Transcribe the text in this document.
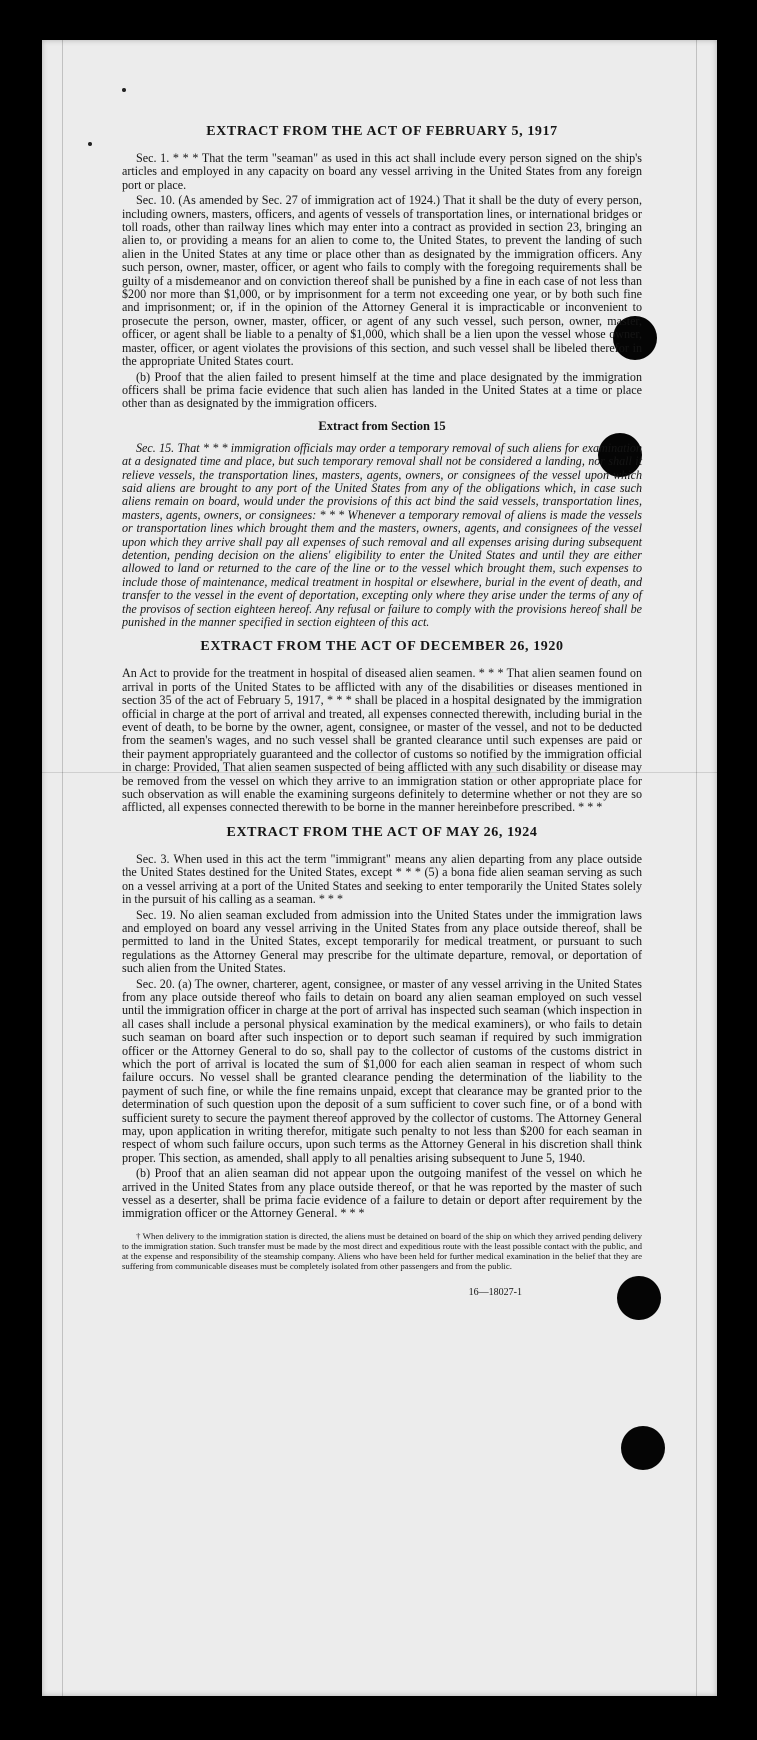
EXTRACT FROM THE ACT OF FEBRUARY 5, 1917

Sec. 1. * * * That the term "seaman" as used in this act shall include every person signed on the ship's articles and employed in any capacity on board any vessel arriving in the United States from any foreign port or place.

Sec. 10. (As amended by Sec. 27 of immigration act of 1924.) That it shall be the duty of every person, including owners, masters, officers, and agents of vessels of transportation lines, or international bridges or toll roads, other than railway lines which may enter into a contract as provided in section 23, bringing an alien to, or providing a means for an alien to come to, the United States, to prevent the landing of such alien in the United States at any time or place other than as designated by the immigration officers. Any such person, owner, master, officer, or agent who fails to comply with the foregoing requirements shall be guilty of a misdemeanor and on conviction thereof shall be punished by a fine in each case of not less than $200 nor more than $1,000, or by imprisonment for a term not exceeding one year, or by both such fine and imprisonment; or, if in the opinion of the Attorney General it is impracticable or inconvenient to prosecute the person, owner, master, officer, or agent of any such vessel, such person, owner, master, officer, or agent shall be liable to a penalty of $1,000, which shall be a lien upon the vessel whose owner, master, officer, or agent violates the provisions of this section, and such vessel shall be libeled therefor in the appropriate United States court.

(b) Proof that the alien failed to present himself at the time and place designated by the immigration officers shall be prima facie evidence that such alien has landed in the United States at a time or place other than as designated by the immigration officers.

Extract from Section 15

Sec. 15. That * * * immigration officials may order a temporary removal of such aliens for examination at a designated time and place, but such temporary removal shall not be considered a landing, nor shall it relieve vessels, the transportation lines, masters, agents, owners, or consignees of the vessel upon which said aliens are brought to any port of the United States from any of the obligations which, in case such aliens remain on board, would under the provisions of this act bind the said vessels, transportation lines, masters, agents, owners, or consignees: * * * Whenever a temporary removal of aliens is made the vessels or transportation lines which brought them and the masters, owners, agents, and consignees of the vessel upon which they arrive shall pay all expenses of such removal and all expenses arising during subsequent detention, pending decision on the aliens' eligibility to enter the United States and until they are either allowed to land or returned to the care of the line or to the vessel which brought them, such expenses to include those of maintenance, medical treatment in hospital or elsewhere, burial in the event of death, and transfer to the vessel in the event of deportation, excepting only where they arise under the terms of any of the provisos of section eighteen hereof. Any refusal or failure to comply with the provisions hereof shall be punished in the manner specified in section eighteen of this act.

EXTRACT FROM THE ACT OF DECEMBER 26, 1920

An Act to provide for the treatment in hospital of diseased alien seamen. * * * That alien seamen found on arrival in ports of the United States to be afflicted with any of the disabilities or diseases mentioned in section 35 of the act of February 5, 1917, * * * shall be placed in a hospital designated by the immigration official in charge at the port of arrival and treated, all expenses connected therewith, including burial in the event of death, to be borne by the owner, agent, consignee, or master of the vessel, and not to be deducted from the seamen's wages, and no such vessel shall be granted clearance until such expenses are paid or their payment appropriately guaranteed and the collector of customs so notified by the immigration official in charge: Provided, That alien seamen suspected of being afflicted with any such disability or disease may be removed from the vessel on which they arrive to an immigration station or other appropriate place for such observation as will enable the examining surgeons definitely to determine whether or not they are so afflicted, all expenses connected therewith to be borne in the manner hereinbefore prescribed. * * *

EXTRACT FROM THE ACT OF MAY 26, 1924

Sec. 3. When used in this act the term "immigrant" means any alien departing from any place outside the United States destined for the United States, except * * * (5) a bona fide alien seaman serving as such on a vessel arriving at a port of the United States and seeking to enter temporarily the United States solely in the pursuit of his calling as a seaman. * * *

Sec. 19. No alien seaman excluded from admission into the United States under the immigration laws and employed on board any vessel arriving in the United States from any place outside thereof, shall be permitted to land in the United States, except temporarily for medical treatment, or pursuant to such regulations as the Attorney General may prescribe for the ultimate departure, removal, or deportation of such alien from the United States.

Sec. 20. (a) The owner, charterer, agent, consignee, or master of any vessel arriving in the United States from any place outside thereof who fails to detain on board any alien seaman employed on such vessel until the immigration officer in charge at the port of arrival has inspected such seaman (which inspection in all cases shall include a personal physical examination by the medical examiners), or who fails to detain such seaman on board after such inspection or to deport such seaman if required by such immigration officer or the Attorney General to do so, shall pay to the collector of customs of the customs district in which the port of arrival is located the sum of $1,000 for each alien seaman in respect of whom such failure occurs. No vessel shall be granted clearance pending the determination of the liability to the payment of such fine, or while the fine remains unpaid, except that clearance may be granted prior to the determination of such question upon the deposit of a sum sufficient to cover such fine, or of a bond with sufficient surety to secure the payment thereof approved by the collector of customs. The Attorney General may, upon application in writing therefor, mitigate such penalty to not less than $200 for each seaman in respect of whom such failure occurs, upon such terms as the Attorney General in his discretion shall think proper. This section, as amended, shall apply to all penalties arising subsequent to June 5, 1940.

(b) Proof that an alien seaman did not appear upon the outgoing manifest of the vessel on which he arrived in the United States from any place outside thereof, or that he was reported by the master of such vessel as a deserter, shall be prima facie evidence of a failure to detain or deport after requirement by the immigration officer or the Attorney General. * * *

† When delivery to the immigration station is directed, the aliens must be detained on board of the ship on which they arrived pending delivery to the immigration station. Such transfer must be made by the most direct and expeditious route with the least possible contact with the public, and at the expense and responsibility of the steamship company. Aliens who have been held for further medical examination in the belief that they are suffering from communicable diseases must be completely isolated from other passengers and from the public.

16—18027-1
